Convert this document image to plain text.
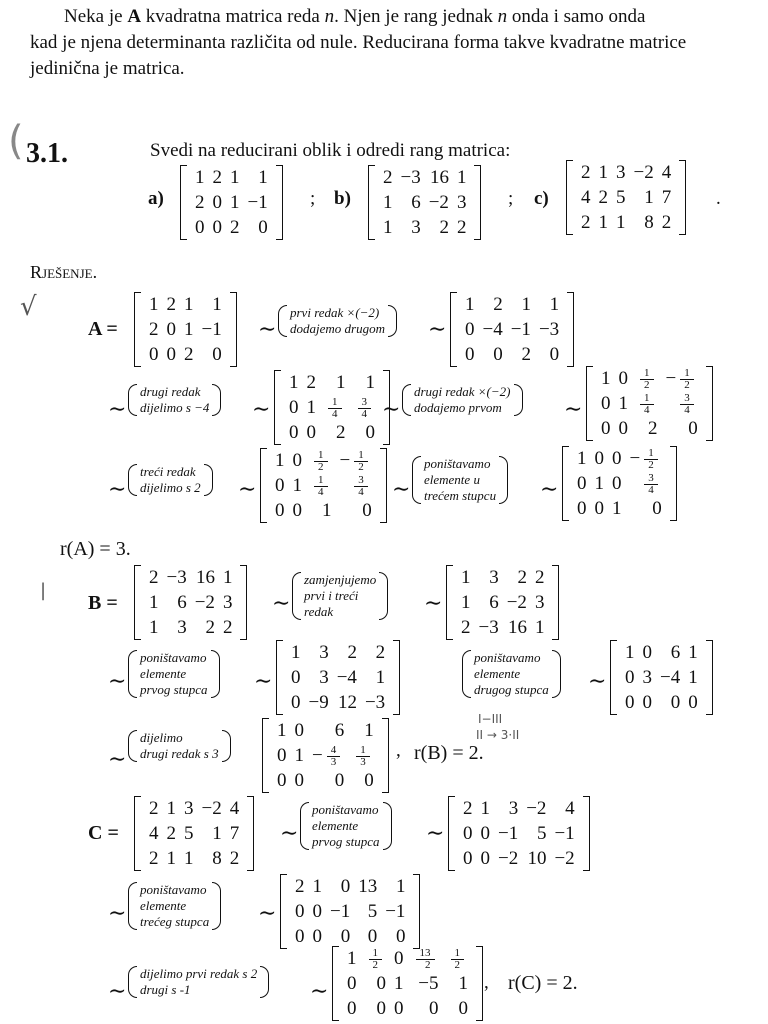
Neka je A kvadratna matrica reda n. Njen je rang jednak n onda i samo onda
kad je njena determinanta različita od nule. Reducirana forma takve kvadratne matrice
jedinična je matrica.
( 3.1.	Svedi na reducirani oblik i odredi rang matrica:
a)
1 2 1 1
2 0 1 −1
0 0 2 0
; b)
2 −3 16 1
1 6 −2 3
1 3 2 2
; c)
2 1 3 −2 4
4 2 5 1 7
2 1 1 8 2
.
Rješenje.
√
A =
1 2 1 1
2 0 1 −1
0 0 2 0
∼
prvi redak ×(−2)
dodajemo drugom ∼
1 2 1 1
0 −4 −1 −3
0 0 2 0
∼
drugi redak
dijelimo s −4 ∼
1 2	1	1
0 $1 \frac{1}{4} \frac{3}{4}$
0 0	2	0
∼
drugi redak ×(−2)
dodajemo prvom	∼
1 $0 \frac{1}{2} - \frac{1}{2}$
0 $1 \frac{1}{4} \frac{3}{4}$
0 0	2	0
∼
treći redak
dijelimo s 2 ∼
1 $0 \frac{1}{2} - \frac{1}{2}$
0 $1 \frac{1}{4} \frac{3}{4}$
0 0	1	0
∼
poništavamo
elemente u
trećem stupcu ∼
1 0 $0 - \frac{1}{2}$
0 1 0	$\frac{3}{4}$
0 0 1	0
r(A) = 3.
|
B =
2 −3 16 1
1 6 −2 3
1 3 2 2
∼
zamjenjujemo
prvi i treći
redak	∼
1 3 2 2
1 6 −2 3
2 −3 16 1
∼
poništavamo
elemente
prvog stupca ∼
1 3 2 2
0 3 −4 1
0 −9 12 −3
poništavamo
elemente
drugog stupca ∼
1 0 6 1
0 3 −4 1
0 0 0 0
∼
dijelimo
drugi redak s 3
1 0	6	1
0 $1 - \frac{4}{3} \frac{1}{3}$
0 0	0	0
, r(B) = 2.
I−III
II → 3·II
C =
2 1 3 −2 4
4 2 5 1 7
2 1 1 8 2
∼
poništavamo
elemente
prvog stupca ∼
2 1 3 −2 4
0 0 −1 5 −1
0 0 −2 10 −2
∼
poništavamo
elemente
trećeg stupca ∼
2 1 0 13 1
0 0 −1 5 −1
0 0 0 0 0
∼
dijelimo prvi redak s 2
drugi s -1	∼
$1 \frac{1}{2} 0 \frac{13}{2} \frac{1}{2}$
0	0 1 −5	1
0	0 0	0	0
, r(C) = 2.
